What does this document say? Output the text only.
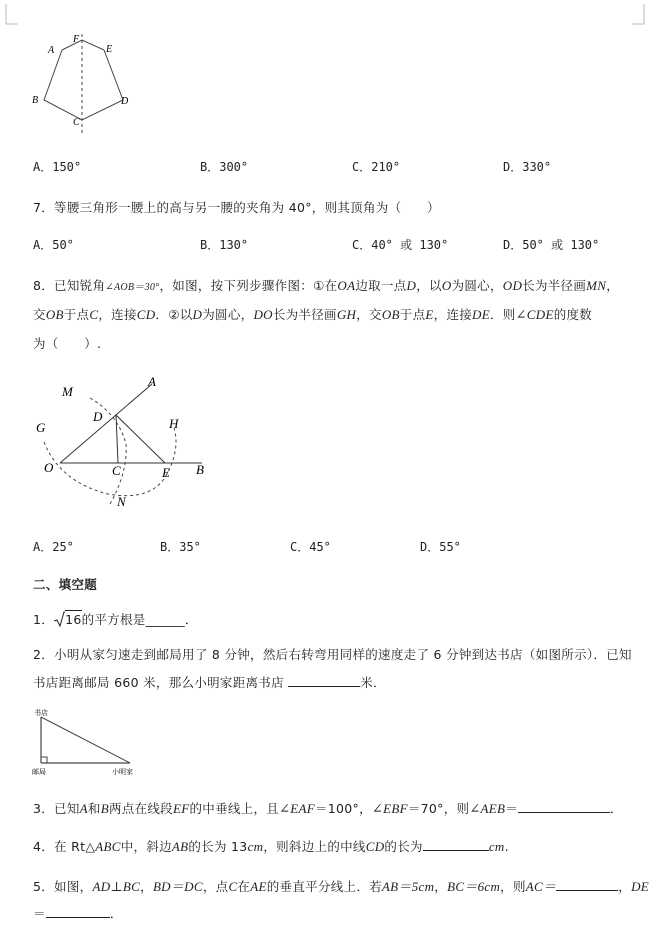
A
F
E
B	D
C
A．150°	B．300°	C．210°	D．330°
7．等腰三角形一腰上的高与另一腰的夹角为 40°，则其顶角为（　　）
A．50°	B．130°	C．40° 或 130°	D．50° 或 130°
8．已知锐角∠AOB＝30°，如图，按下列步骤作图：①在OA边取一点D，以O为圆心，OD长为半径画MN，
交OB于点C，连接CD．②以D为圆心，DO长为半径画GH，交OB于点E，连接DE．则∠CDE的度数
为（　　）.
M
A
D
G	H
O	C	E B
N
A．25°	B．35°	C．45°	D．55°
二、填空题
1． 16的平方根是______．
2．小明从家匀速走到邮局用了 8 分钟，然后右转弯用同样的速度走了 6 分钟到达书店（如图所示）．已知
书店距离邮局 660 米，那么小明家距离书店	米．
书店
邮局	小明家
3．已知A和B两点在线段EF的中垂线上，且∠EAF＝100°，∠EBF＝70°，则∠AEB＝	．
4．在 Rt△ABC中，斜边AB的长为 13cm，则斜边上的中线CD的长为	cm.
5．如图，AD⊥BC，BD＝DC，点C在AE的垂直平分线上．若AB＝5cm，BC＝6cm，则AC＝	，DE
＝	．
